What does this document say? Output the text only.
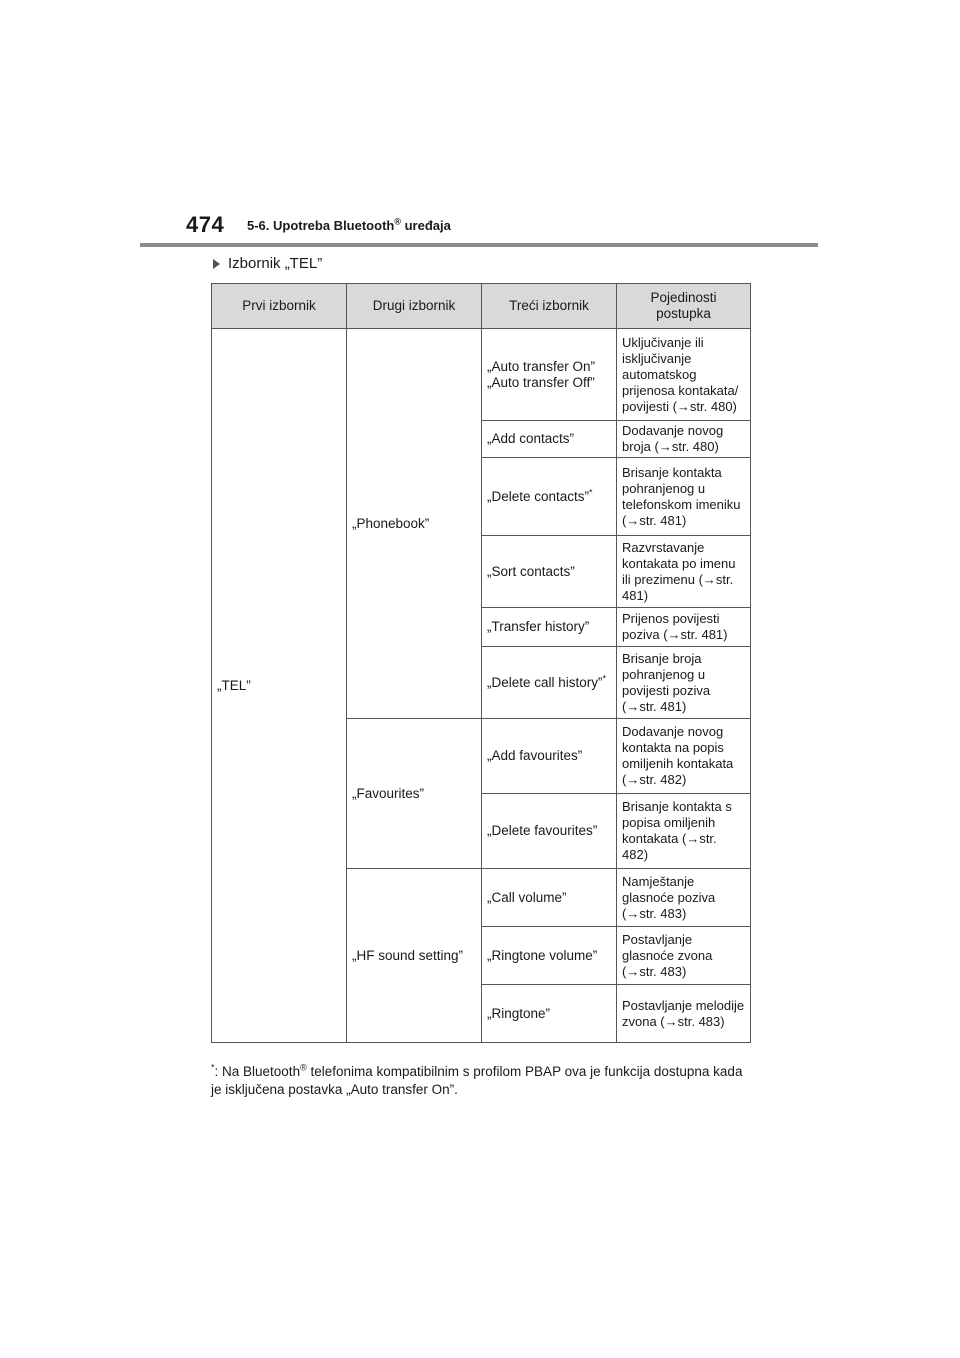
474 5-6. Upotreba Bluetooth® uređaja
Izbornik „TEL”
Prvi izbornik	Drugi izbornik	Treći izbornik	Pojedinosti postupka
„TEL”	„Phonebook”	„Auto transfer On” „Auto transfer Off”	Uključivanje ili isključivanje automatskog prijenosa kontakata/ povijesti (→str. 480)
		„Add contacts”	Dodavanje novog broja (→str. 480)
		„Delete contacts”*	Brisanje kontakta pohranjenog u telefonskom imeniku (→str. 481)
		„Sort contacts”	Razvrstavanje kontakata po imenu ili prezimenu (→str. 481)
		„Transfer history”	Prijenos povijesti poziva (→str. 481)
		„Delete call history”*	Brisanje broja pohranjenog u povijesti poziva (→str. 481)
	„Favourites”	„Add favourites”	Dodavanje novog kontakta na popis omiljenih kontakata (→str. 482)
		„Delete favourites”	Brisanje kontakta s popisa omiljenih kontakata (→str. 482)
	„HF sound setting”	„Call volume”	Namještanje glasnoće poziva (→str. 483)
		„Ringtone volume”	Postavljanje glasnoće zvona (→str. 483)
		„Ringtone”	Postavljanje melodije zvona (→str. 483)
*: Na Bluetooth® telefonima kompatibilnim s profilom PBAP ova je funkcija dostupna kada je isključena postavka „Auto transfer On”.
